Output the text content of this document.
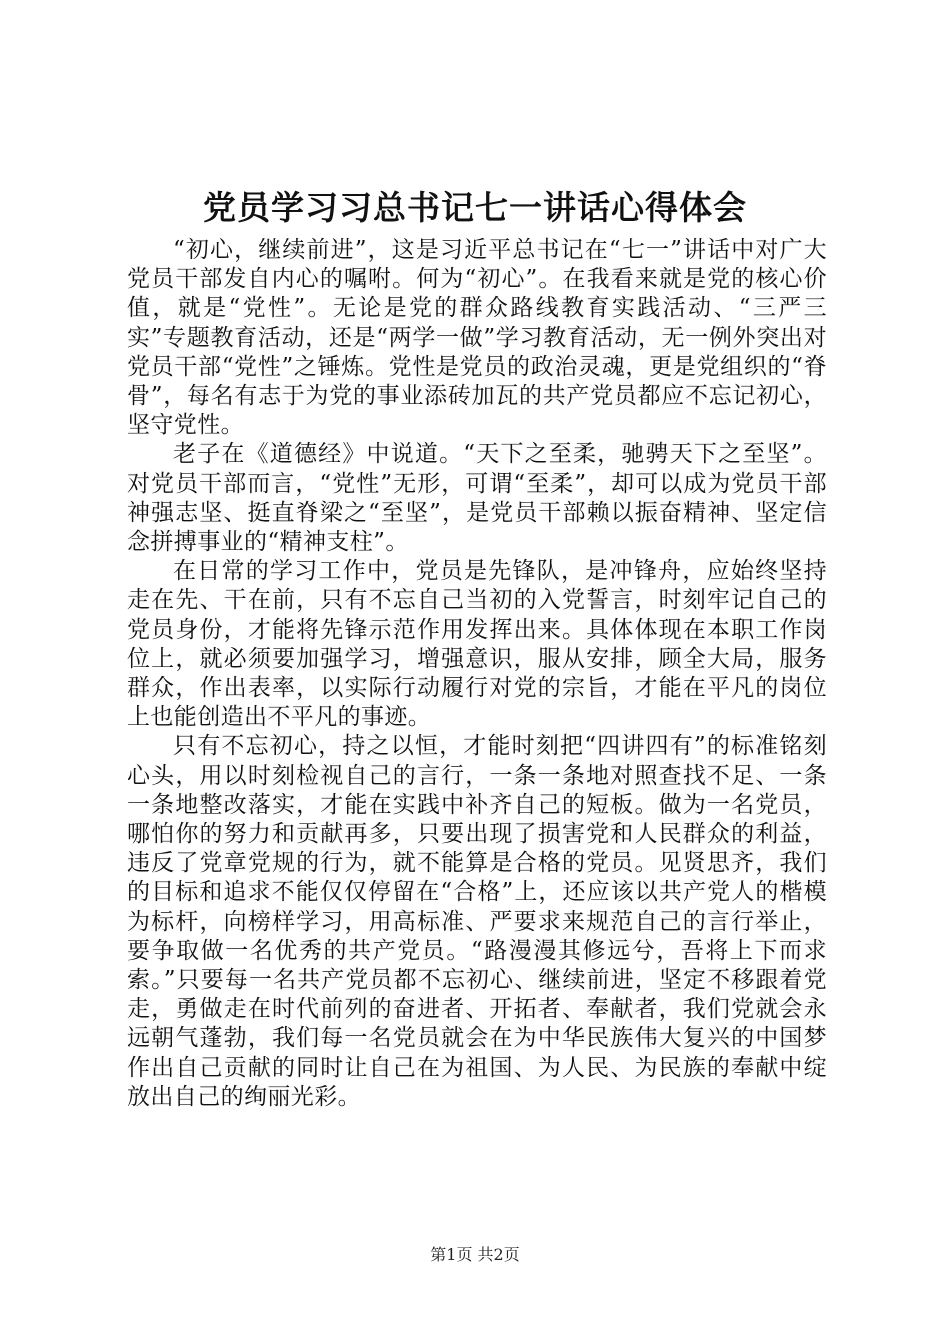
党员学习习总书记七一讲话心得体会

“初心，继续前进”，这是习近平总书记在“七一”讲话中对广大党员干部发自内心的嘱咐。何为“初心”。在我看来就是党的核心价值，就是“党性”。无论是党的群众路线教育实践活动、“三严三实”专题教育活动，还是“两学一做”学习教育活动，无一例外突出对党员干部“党性”之锤炼。党性是党员的政治灵魂，更是党组织的“脊骨”，每名有志于为党的事业添砖加瓦的共产党员都应不忘记初心，坚守党性。

老子在《道德经》中说道。“天下之至柔，驰骋天下之至坚”。对党员干部而言，“党性”无形，可谓“至柔”，却可以成为党员干部神强志坚、挺直脊梁之“至坚”，是党员干部赖以振奋精神、坚定信念拼搏事业的“精神支柱”。

在日常的学习工作中，党员是先锋队，是冲锋舟，应始终坚持走在先、干在前，只有不忘自己当初的入党誓言，时刻牢记自己的党员身份，才能将先锋示范作用发挥出来。具体体现在本职工作岗位上，就必须要加强学习，增强意识，服从安排，顾全大局，服务群众，作出表率，以实际行动履行对党的宗旨，才能在平凡的岗位上也能创造出不平凡的事迹。

只有不忘初心，持之以恒，才能时刻把“四讲四有”的标准铭刻心头，用以时刻检视自己的言行，一条一条地对照查找不足、一条一条地整改落实，才能在实践中补齐自己的短板。做为一名党员，哪怕你的努力和贡献再多，只要出现了损害党和人民群众的利益，违反了党章党规的行为，就不能算是合格的党员。见贤思齐，我们的目标和追求不能仅仅停留在“合格”上，还应该以共产党人的楷模为标杆，向榜样学习，用高标准、严要求来规范自己的言行举止，要争取做一名优秀的共产党员。“路漫漫其修远兮，吾将上下而求索。”只要每一名共产党员都不忘初心、继续前进，坚定不移跟着党走，勇做走在时代前列的奋进者、开拓者、奉献者，我们党就会永远朝气蓬勃，我们每一名党员就会在为中华民族伟大复兴的中国梦作出自己贡献的同时让自己在为祖国、为人民、为民族的奉献中绽放出自己的绚丽光彩。

第1页 共2页
